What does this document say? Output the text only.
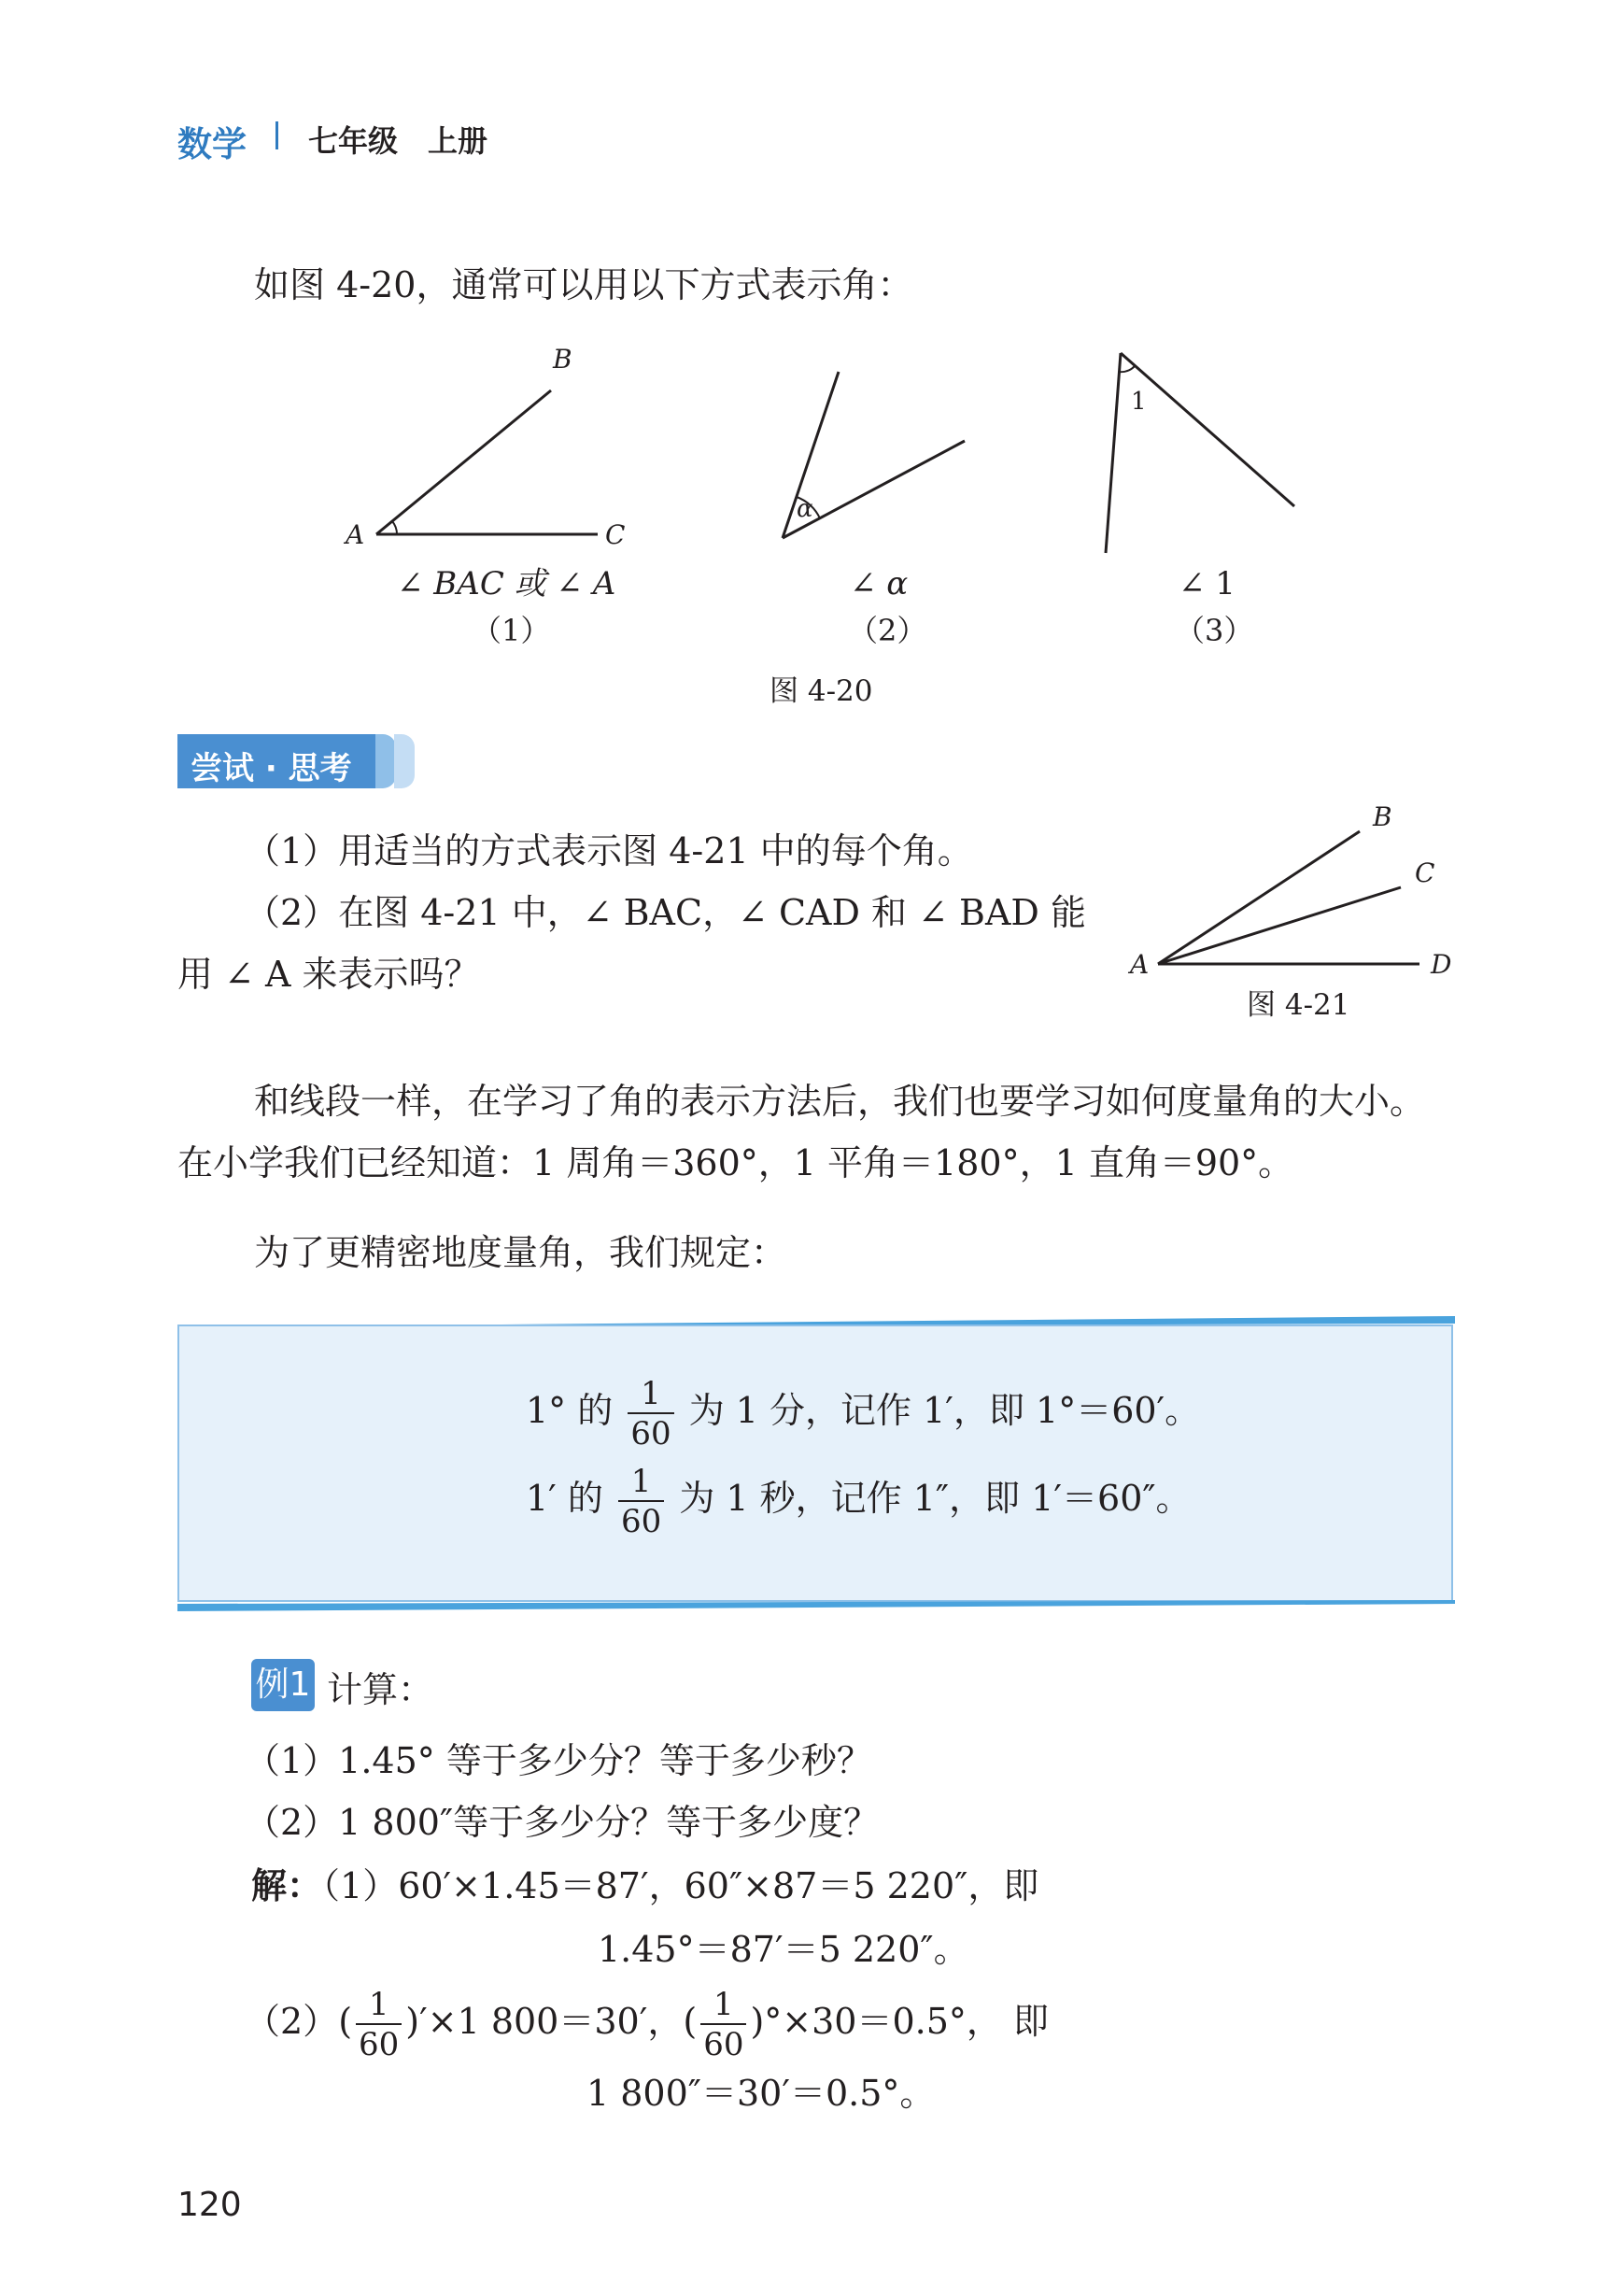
数学 七年级　上册
如图 4-20，通常可以用以下方式表示角：
B
A	C
α
1
∠ BAC 或 ∠ A
（1）
∠ α
（2）
∠ 1
（3）
图 4-20
尝试 · 思考
（1）用适当的方式表示图 4-21 中的每个角。
（2）在图 4-21 中，∠ BAC，∠ CAD 和 ∠ BAD 能
用 ∠ A 来表示吗？
B
C
A	D
图 4-21
和线段一样，在学习了角的表示方法后，我们也要学习如何度量角的大小。
在小学我们已经知道：1 周角＝360°，1 平角＝180°，1 直角＝90°。
为了更精密地度量角，我们规定：
1° 的 $\frac{1}{60}$ 为 1 分，记作 1′，即 1°＝60′。
1′ 的 $\frac{1}{60}$ 为 1 秒，记作 1″，即 1′＝60″。
例1 计算：
（1）1.45° 等于多少分？等于多少秒？
（2）1 800″等于多少分？等于多少度？
解：（1）60′×1.45＝87′，60″×87＝5 220″，即
1.45°＝87′＝5 220″。
$(2)( \frac{1}{60} )'\times 1$ 800＝30′，( $\frac{1}{60} )^\circ\times 30=0.5^\circ$， 即
1 800″＝30′＝0.5°。
120
